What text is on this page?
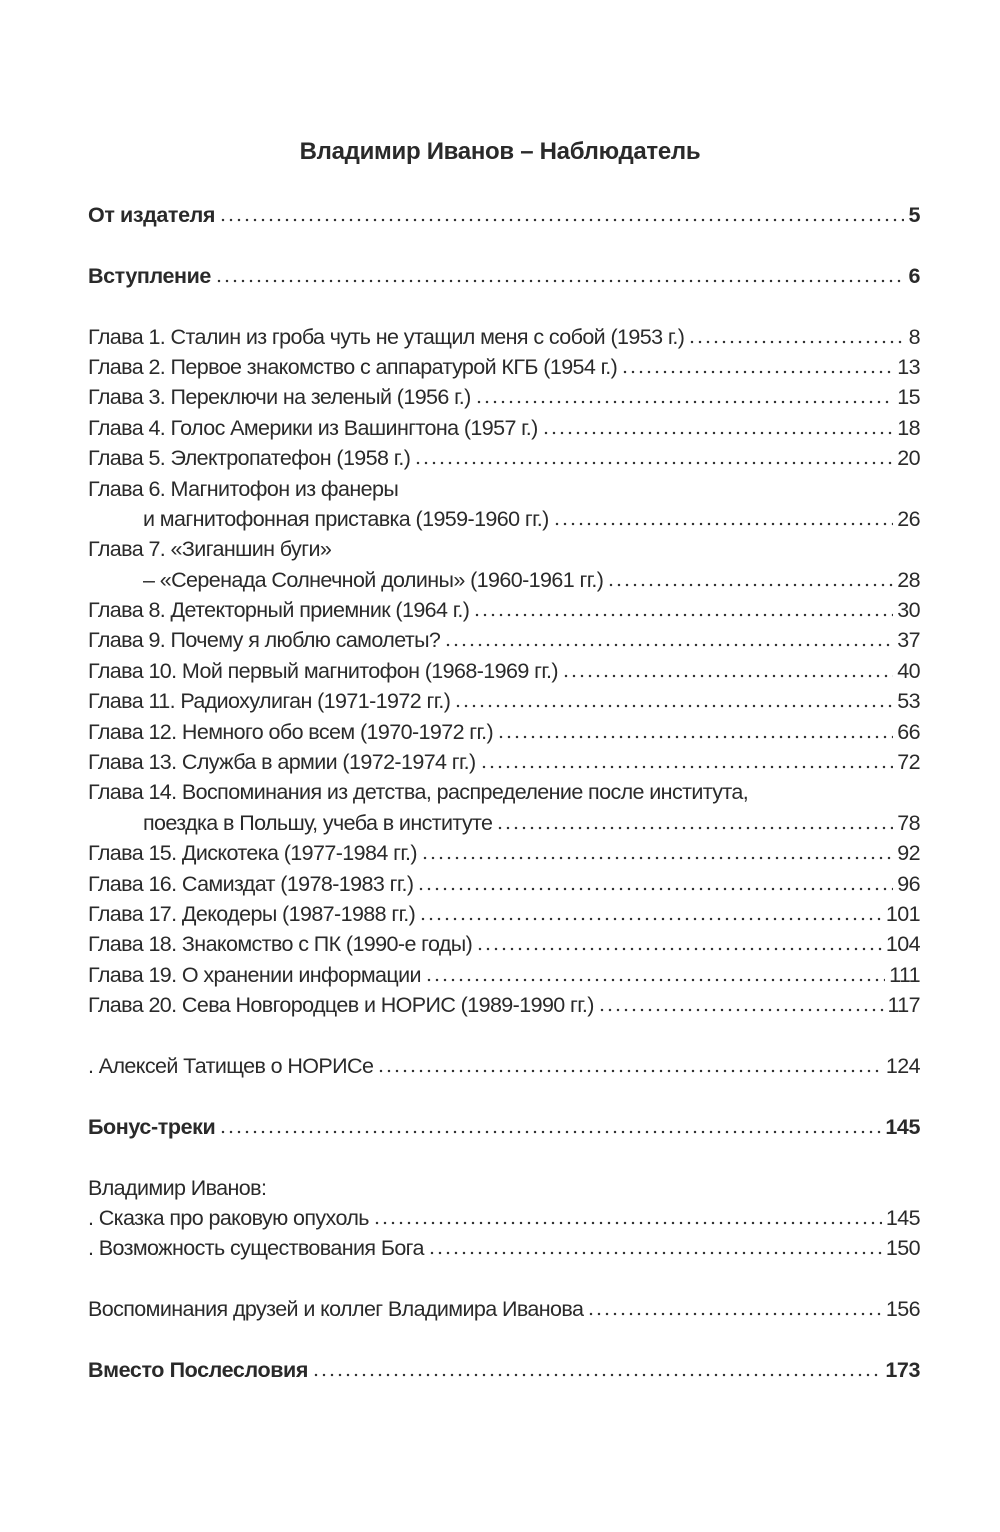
Владимир Иванов – Наблюдатель
От издателя	5
Вступление	6
Глава 1. Сталин из гроба чуть не утащил меня с собой (1953 г.)	8
Глава 2. Первое знакомство с аппаратурой КГБ (1954 г.)	13
Глава 3. Переключи на зеленый (1956 г.)	15
Глава 4. Голос Америки из Вашингтона (1957 г.)	18
Глава 5. Электропатефон (1958 г.)	20
Глава 6. Магнитофон из фанеры
и магнитофонная приставка (1959-1960 гг.)	26
Глава 7. «Зиганшин буги»
– «Серенада Солнечной долины» (1960-1961 гг.)	28
Глава 8. Детекторный приемник (1964 г.)	30
Глава 9. Почему я люблю самолеты?	37
Глава 10. Мой первый магнитофон (1968-1969 гг.)	40
Глава 11. Радиохулиган (1971-1972 гг.)	53
Глава 12. Немного обо всем (1970-1972 гг.)	66
Глава 13. Служба в армии (1972-1974 гг.)	72
Глава 14. Воспоминания из детства, распределение после института,
поездка в Польшу, учеба в институте	78
Глава 15. Дискотека (1977-1984 гг.)	92
Глава 16. Самиздат (1978-1983 гг.)	96
Глава 17. Декодеры (1987-1988 гг.)	101
Глава 18. Знакомство с ПК (1990-е годы)	104
Глава 19. О хранении информации	111
Глава 20. Сева Новгородцев и НОРИС (1989-1990 гг.)	117
. Алексей Татищев о НОРИСе	124
Бонус-треки	145
Владимир Иванов:
. Сказка про раковую опухоль	145
. Возможность существования Бога	150
Воспоминания друзей и коллег Владимира Иванова	156
Вместо Послесловия	173
